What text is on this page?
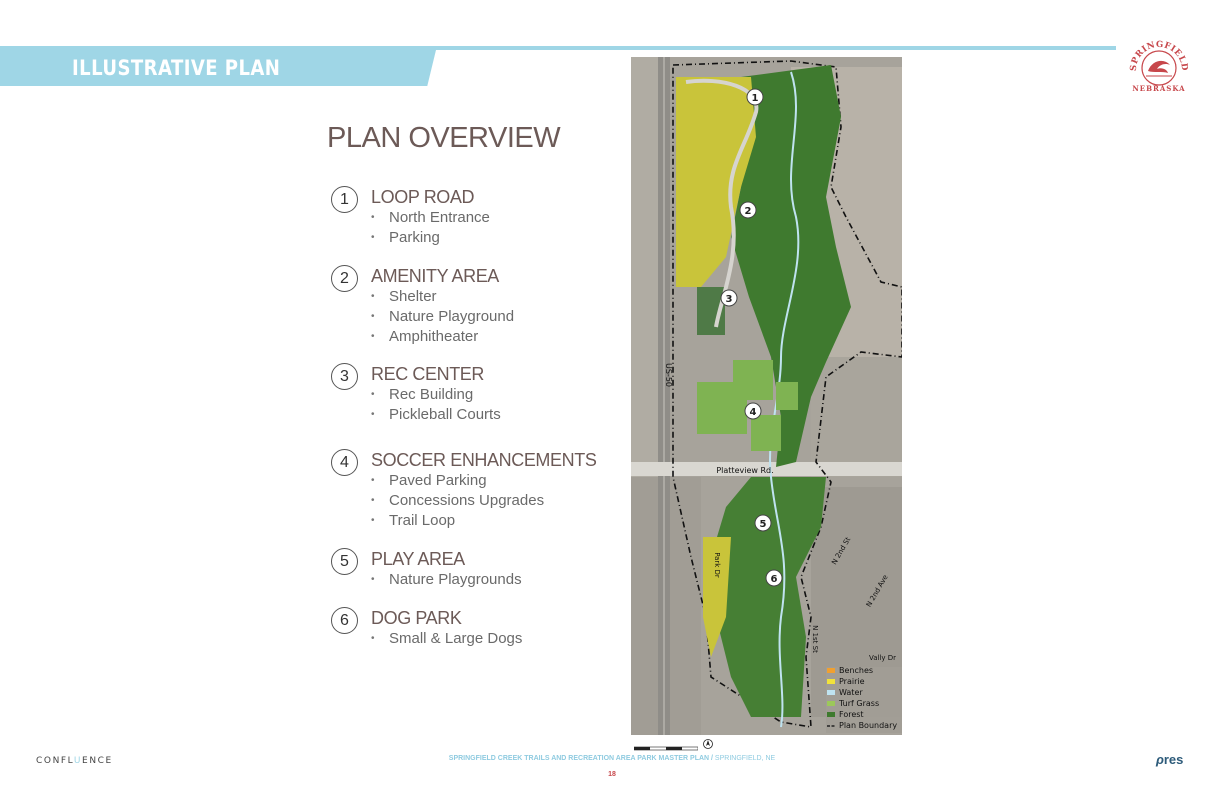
ILLUSTRATIVE PLAN	SPRINGFIELD
NEBRASKA
PLAN OVERVIEW
1	LOOP ROAD
• North Entrance
• Parking
2	AMENITY AREA
• Shelter
• Nature Playground
• Amphitheater
3	REC CENTER
• Rec Building
• Pickleball Courts
4	SOCCER ENHANCEMENTS
• Paved Parking
• Concessions Upgrades
• Trail Loop
5	PLAY AREA
• Nature Playgrounds
6	DOG PARK
• Small & Large Dogs
1
2
3
4
5
6
US-50
Platteview Rd.
Park Dr	N 2nd St
N 2nd Ave
N 1st St
Vally Dr
Benches
Prairie
Water
Turf Grass
Forest
Plan Boundary
CONFLUENCE	SPRINGFIELD CREEK TRAILS AND RECREATION AREA PARK MASTER PLAN / SPRINGFIELD, NE
18
ρres
